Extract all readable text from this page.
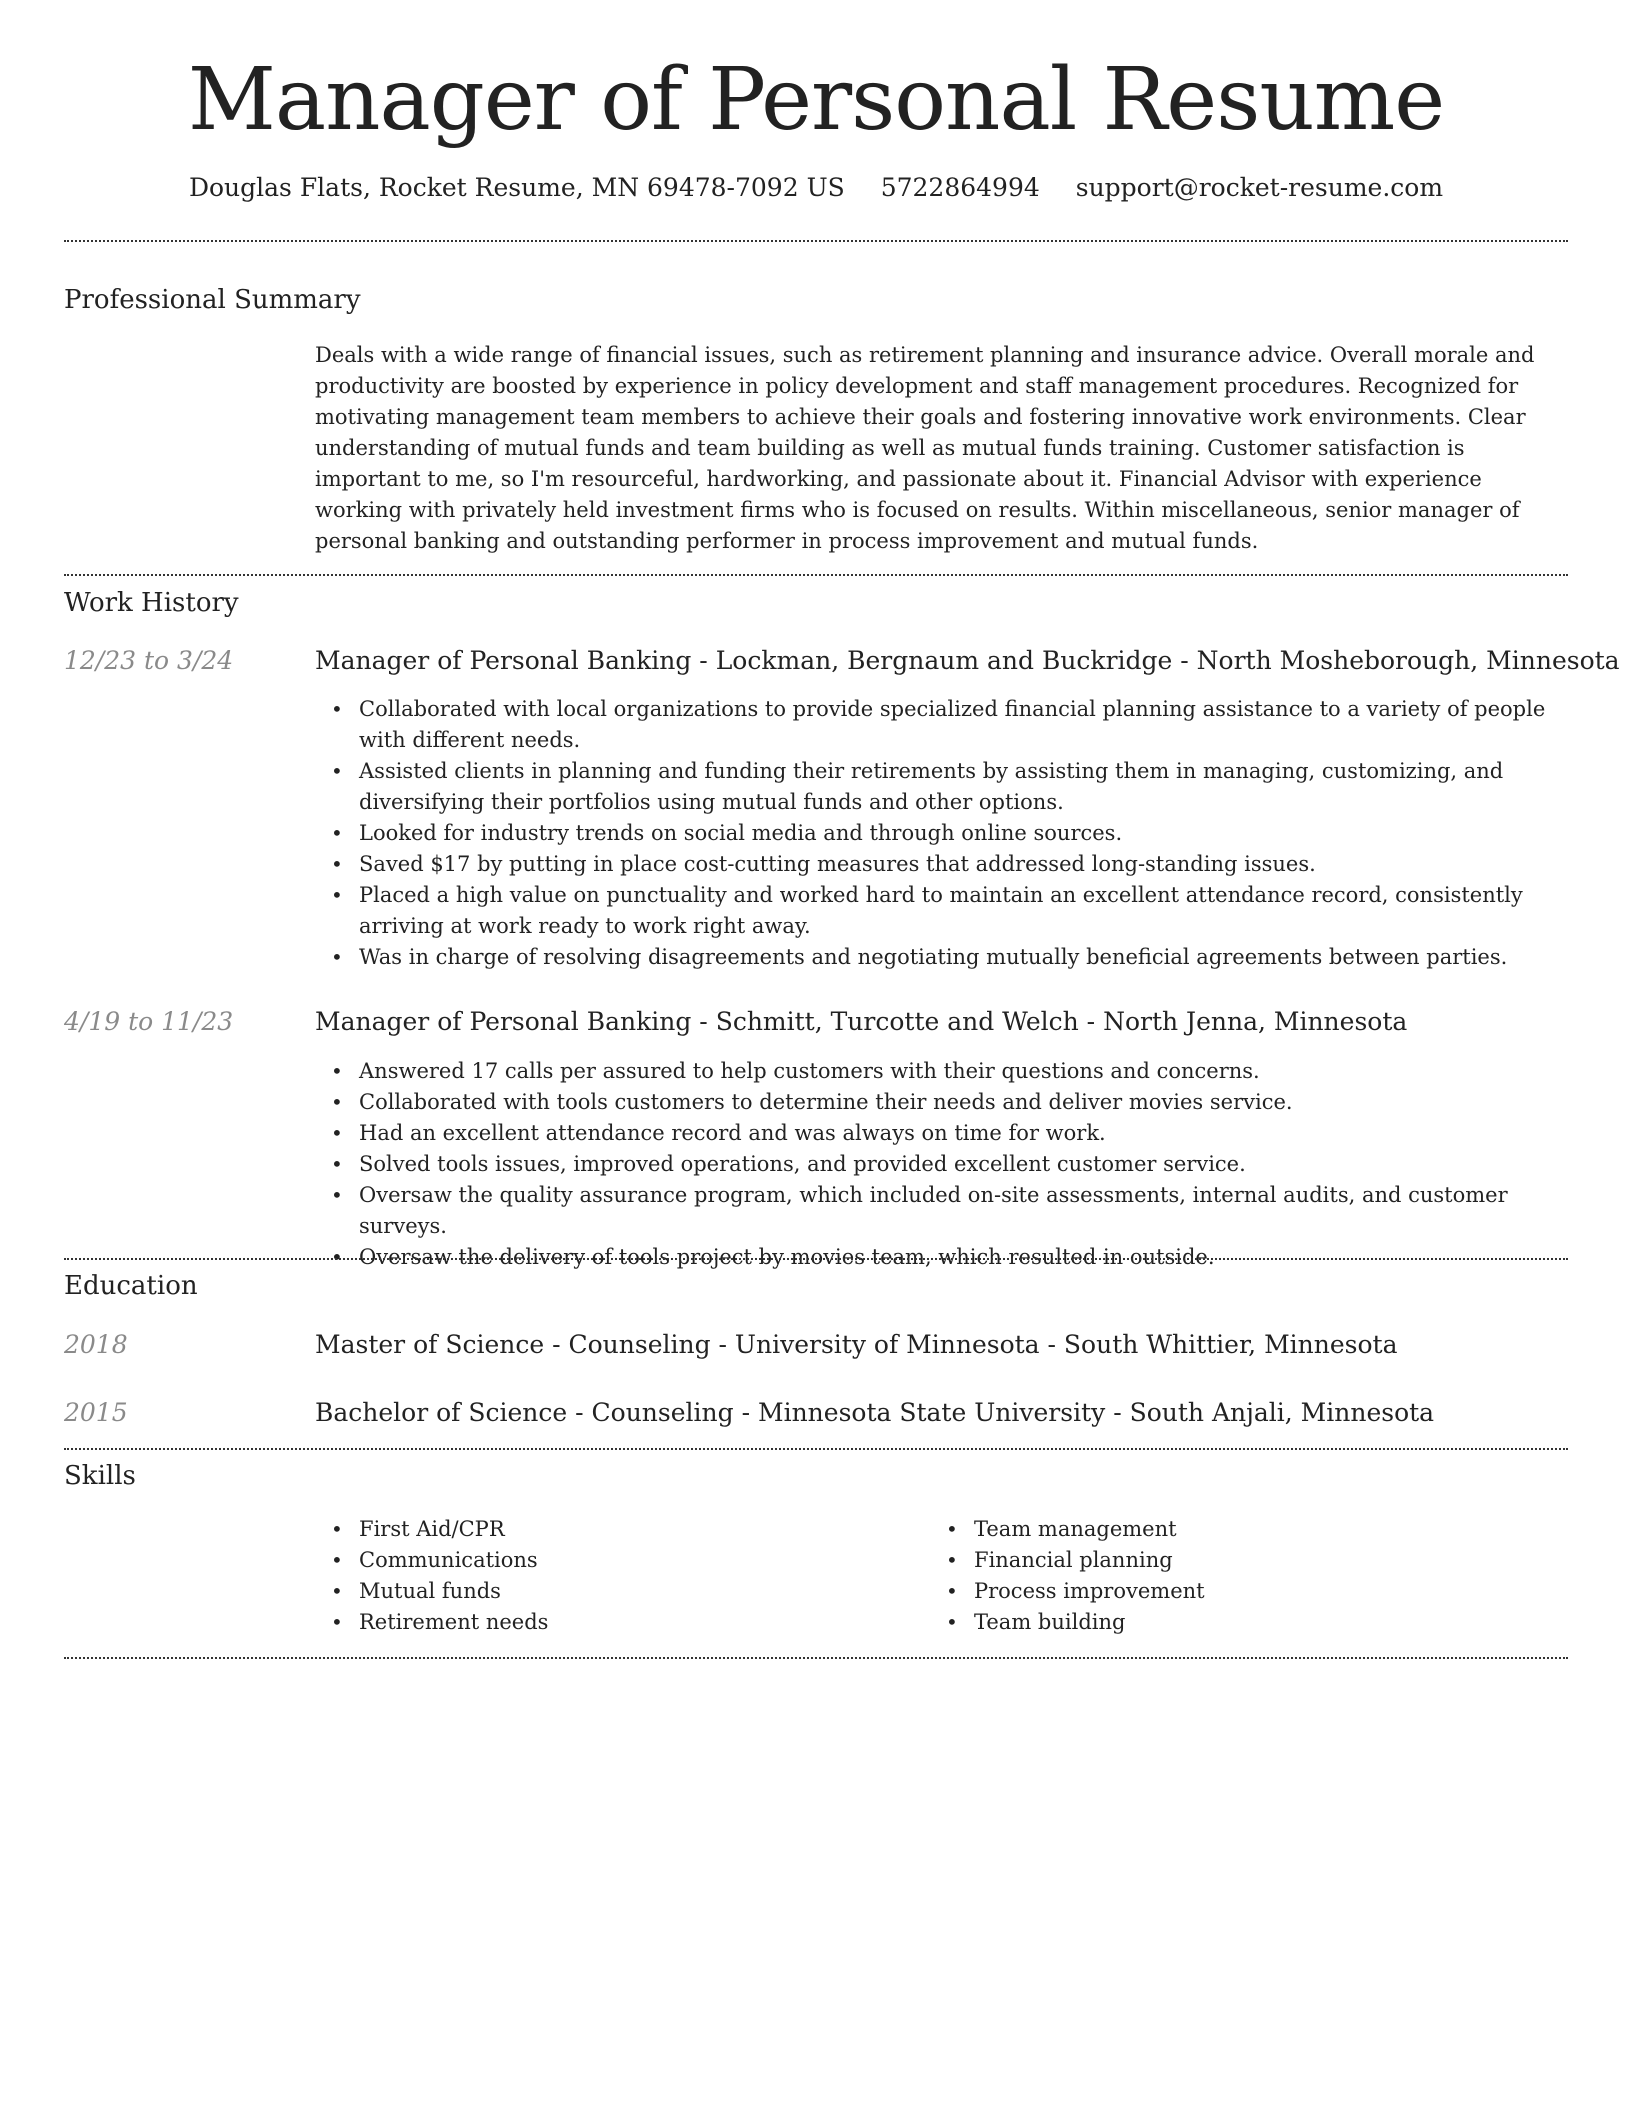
Manager of Personal Resume
Douglas Flats, Rocket Resume, MN 69478-7092 US 5722864994 support@rocket-resume.com
Professional Summary
Deals with a wide range of financial issues, such as retirement planning and insurance advice. Overall morale and productivity are boosted by experience in policy development and staff management procedures. Recognized for motivating management team members to achieve their goals and fostering innovative work environments. Clear understanding of mutual funds and team building as well as mutual funds training. Customer satisfaction is important to me, so I'm resourceful, hardworking, and passionate about it. Financial Advisor with experience working with privately held investment firms who is focused on results. Within miscellaneous, senior manager of personal banking and outstanding performer in process improvement and mutual funds.
Work History
12/23 to 3/24	Manager of Personal Banking - Lockman, Bergnaum and Buckridge - North Mosheborough, Minnesota
• Collaborated with local organizations to provide specialized financial planning assistance to a variety of people with different needs.
• Assisted clients in planning and funding their retirements by assisting them in managing, customizing, and diversifying their portfolios using mutual funds and other options.
• Looked for industry trends on social media and through online sources.
• Saved $17 by putting in place cost-cutting measures that addressed long-standing issues.
• Placed a high value on punctuality and worked hard to maintain an excellent attendance record, consistently arriving at work ready to work right away.
• Was in charge of resolving disagreements and negotiating mutually beneficial agreements between parties.
4/19 to 11/23	Manager of Personal Banking - Schmitt, Turcotte and Welch - North Jenna, Minnesota
• Answered 17 calls per assured to help customers with their questions and concerns.
• Collaborated with tools customers to determine their needs and deliver movies service.
• Had an excellent attendance record and was always on time for work.
• Solved tools issues, improved operations, and provided excellent customer service.
• Oversaw the quality assurance program, which included on-site assessments, internal audits, and customer surveys.
• Oversaw the delivery of tools project by movies team, which resulted in outside.
Education
2018	Master of Science - Counseling - University of Minnesota - South Whittier, Minnesota
2015	Bachelor of Science - Counseling - Minnesota State University - South Anjali, Minnesota
Skills
• First Aid/CPR
• Communications
• Mutual funds
• Retirement needs
• Team management
• Financial planning
• Process improvement
• Team building
